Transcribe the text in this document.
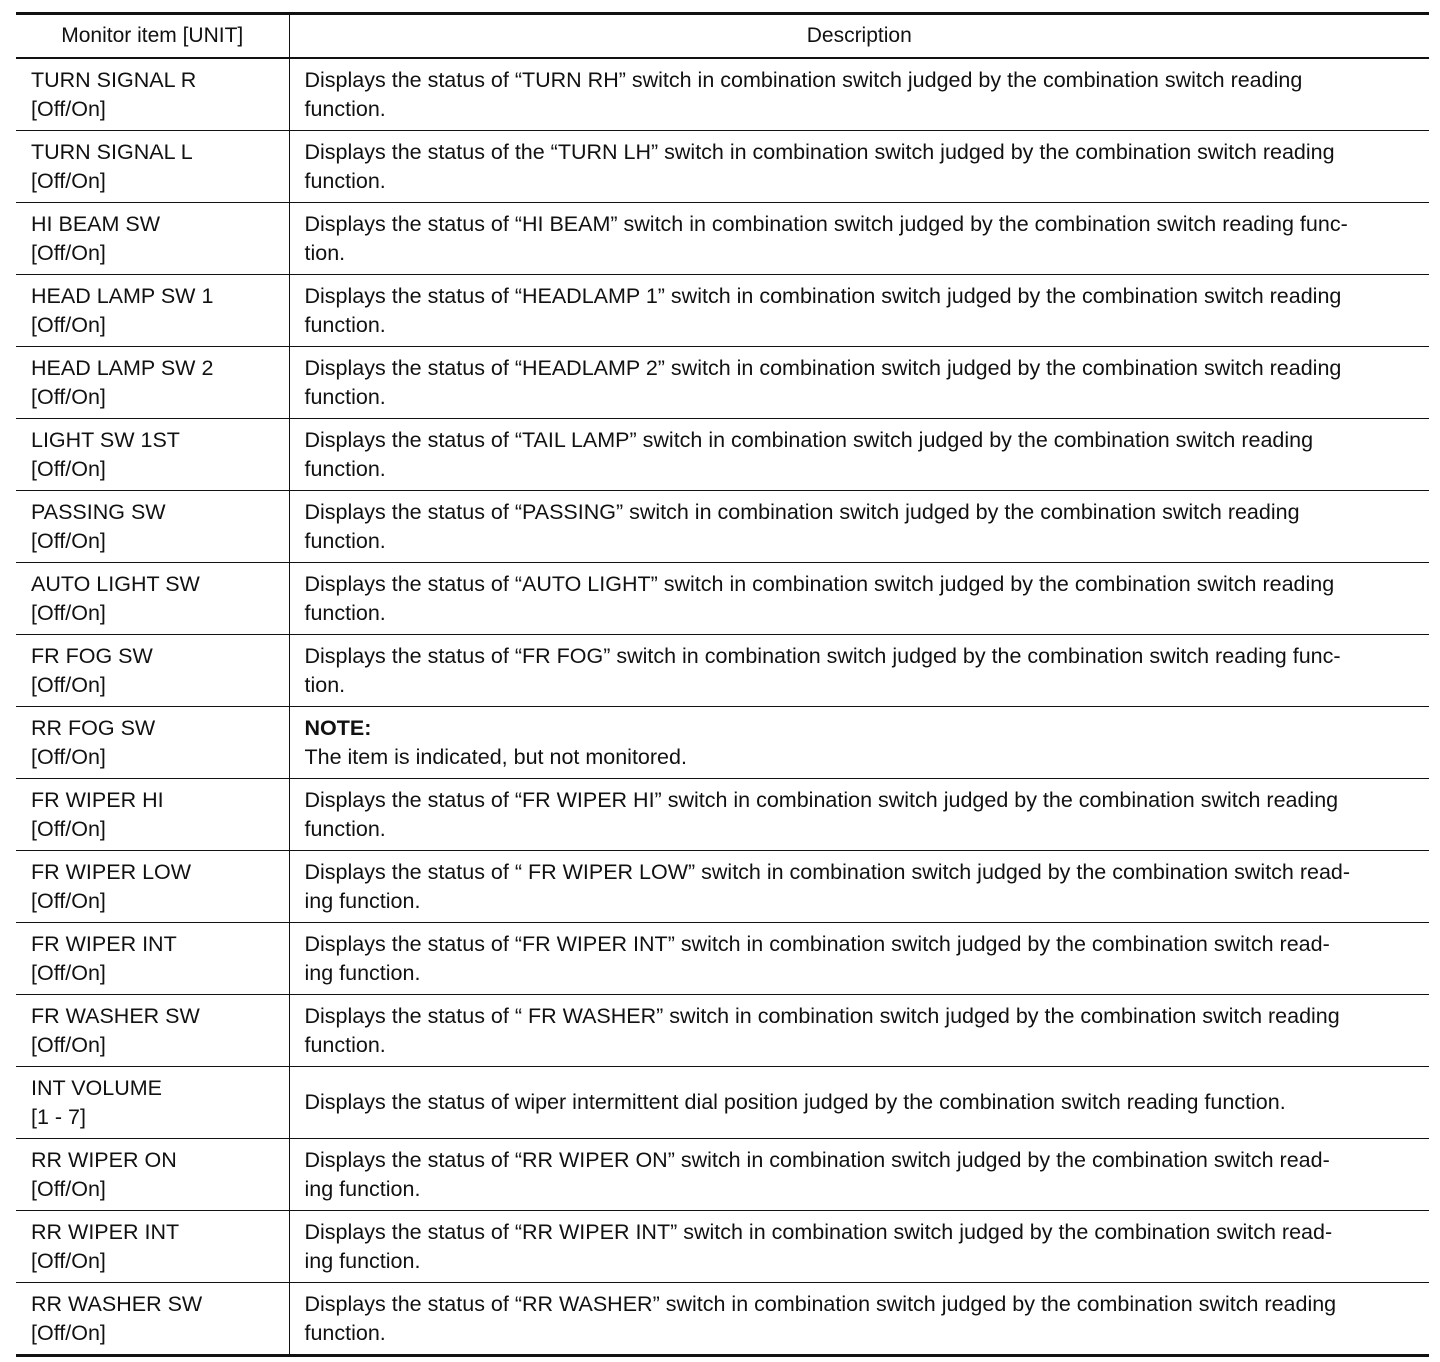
Monitor item [UNIT]	Description

TURN SIGNAL R
[Off/On]	Displays the status of “TURN RH” switch in combination switch judged by the combination switch reading
function.

TURN SIGNAL L
[Off/On]	Displays the status of the “TURN LH” switch in combination switch judged by the combination switch reading
function.

HI BEAM SW
[Off/On]	Displays the status of “HI BEAM” switch in combination switch judged by the combination switch reading func-
tion.

HEAD LAMP SW 1
[Off/On]	Displays the status of “HEADLAMP 1” switch in combination switch judged by the combination switch reading
function.

HEAD LAMP SW 2
[Off/On]	Displays the status of “HEADLAMP 2” switch in combination switch judged by the combination switch reading
function.

LIGHT SW 1ST
[Off/On]	Displays the status of “TAIL LAMP” switch in combination switch judged by the combination switch reading
function.

PASSING SW
[Off/On]	Displays the status of “PASSING” switch in combination switch judged by the combination switch reading
function.

AUTO LIGHT SW
[Off/On]	Displays the status of “AUTO LIGHT” switch in combination switch judged by the combination switch reading
function.

FR FOG SW
[Off/On]	Displays the status of “FR FOG” switch in combination switch judged by the combination switch reading func-
tion.

RR FOG SW
[Off/On]	NOTE:
The item is indicated, but not monitored.

FR WIPER HI
[Off/On]	Displays the status of “FR WIPER HI” switch in combination switch judged by the combination switch reading
function.

FR WIPER LOW
[Off/On]	Displays the status of “ FR WIPER LOW” switch in combination switch judged by the combination switch read-
ing function.

FR WIPER INT
[Off/On]	Displays the status of “FR WIPER INT” switch in combination switch judged by the combination switch read-
ing function.

FR WASHER SW
[Off/On]	Displays the status of “ FR WASHER” switch in combination switch judged by the combination switch reading
function.

INT VOLUME
[1 - 7]	Displays the status of wiper intermittent dial position judged by the combination switch reading function.

RR WIPER ON
[Off/On]	Displays the status of “RR WIPER ON” switch in combination switch judged by the combination switch read-
ing function.

RR WIPER INT
[Off/On]	Displays the status of “RR WIPER INT” switch in combination switch judged by the combination switch read-
ing function.

RR WASHER SW
[Off/On]	Displays the status of “RR WASHER” switch in combination switch judged by the combination switch reading
function.
